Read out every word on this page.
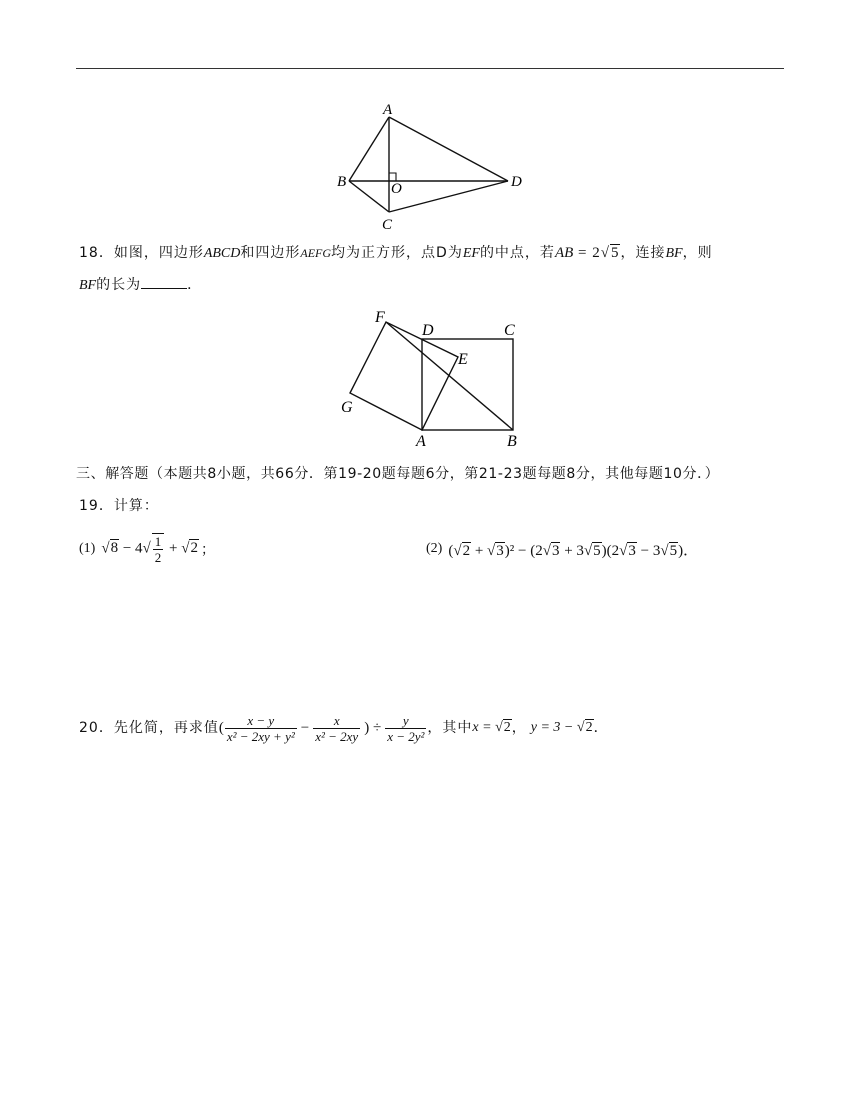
A
B	O	D
C
18．如图，四边形ABCD和四边形AEFG均为正方形，点D为EF的中点，若AB = 2√5，连接BF，则
BF的长为	．
F
D	C
E
G
A	B
三、解答题（本题共8小题，共66分．第19-20题每题6分，第21-23题每题8分，其他每题10分．）
19．计算：
(1) $√8 - 4√ \frac{1}{2} + √2$ ；	(2) (√2 + √3)² − (2√3 + 3√5)(2√3 − 3√5)．
20．先化简，再求值 ( $\frac{x - y}{\text{x² − 2xy + y²}} - \frac{x}{\text{x² − 2xy}}$ ) ÷ $\frac{y}{\text{x − 2y²}}$ ，其中 x = √2 ， y = 3 − √2 ．
